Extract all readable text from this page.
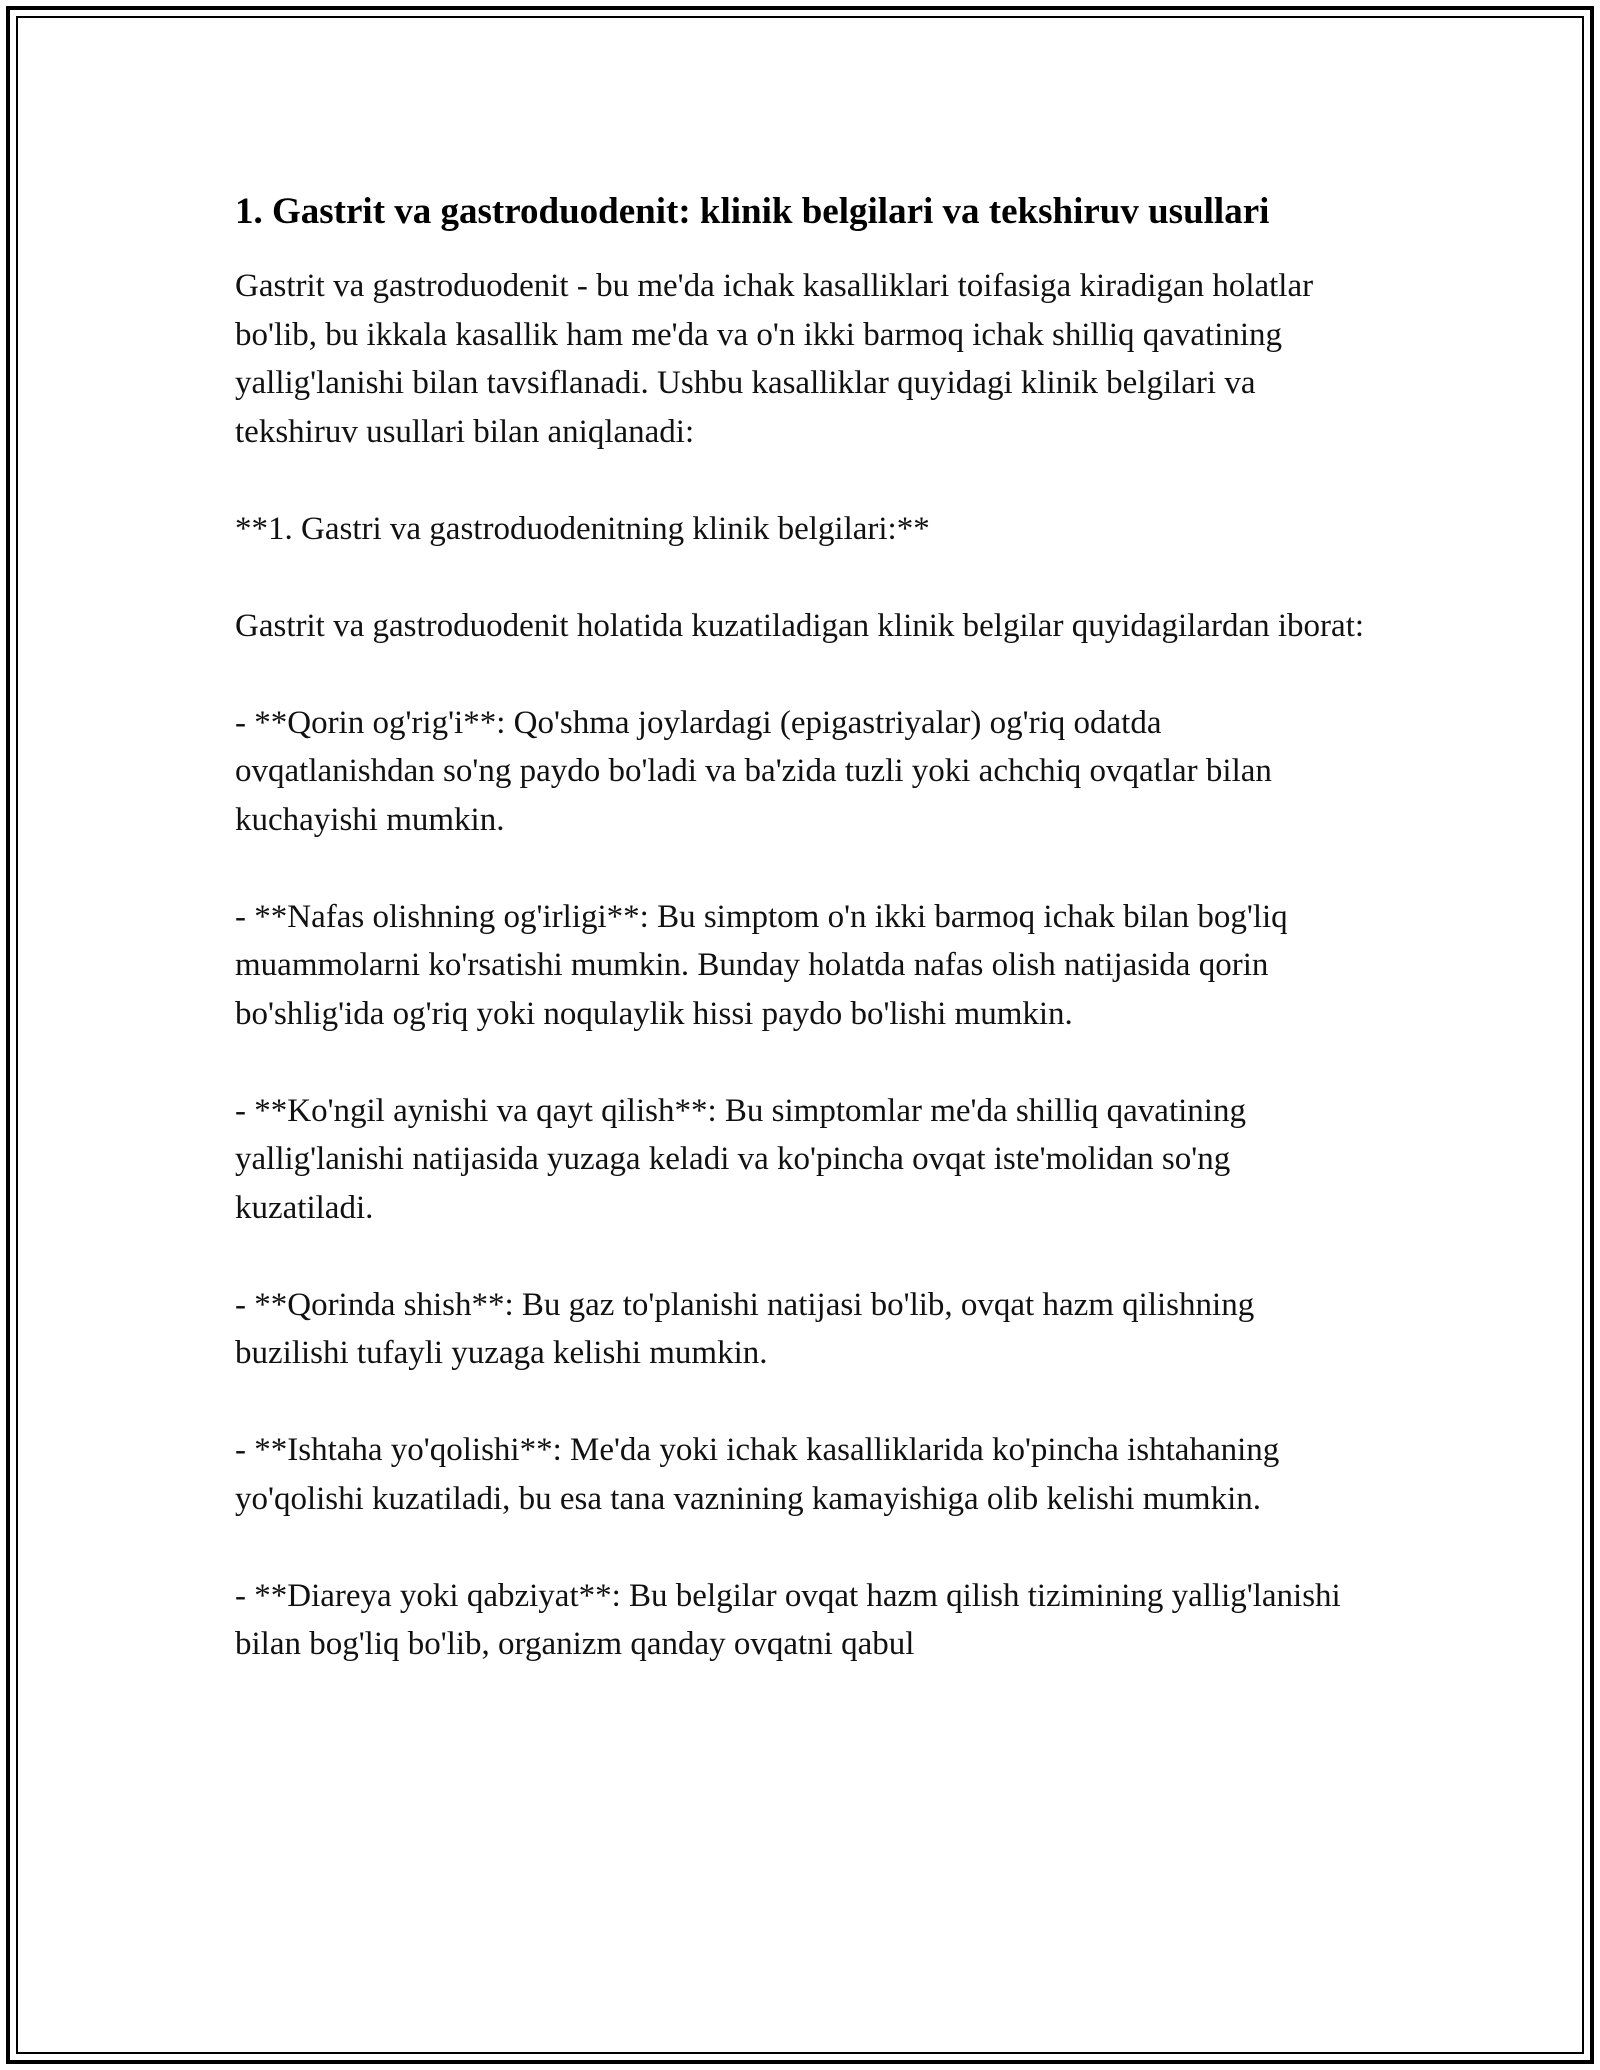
1. Gastrit va gastroduodenit: klinik belgilari va tekshiruv usullari

Gastrit va gastroduodenit - bu me'da ichak kasalliklari toifasiga kiradigan holatlar bo'lib, bu ikkala kasallik ham me'da va o'n ikki barmoq ichak shilliq qavatining yallig'lanishi bilan tavsiflanadi. Ushbu kasalliklar quyidagi klinik belgilari va tekshiruv usullari bilan aniqlanadi:

**1. Gastri va gastroduodenitning klinik belgilari:**

Gastrit va gastroduodenit holatida kuzatiladigan klinik belgilar quyidagilardan iborat:

- **Qorin og'rig'i**: Qo'shma joylardagi (epigastriyalar) og'riq odatda ovqatlanishdan so'ng paydo bo'ladi va ba'zida tuzli yoki achchiq ovqatlar bilan kuchayishi mumkin.

- **Nafas olishning og'irligi**: Bu simptom o'n ikki barmoq ichak bilan bog'liq muammolarni ko'rsatishi mumkin. Bunday holatda nafas olish natijasida qorin bo'shlig'ida og'riq yoki noqulaylik hissi paydo bo'lishi mumkin.

- **Ko'ngil aynishi va qayt qilish**: Bu simptomlar me'da shilliq qavatining yallig'lanishi natijasida yuzaga keladi va ko'pincha ovqat iste'molidan so'ng kuzatiladi.

- **Qorinda shish**: Bu gaz to'planishi natijasi bo'lib, ovqat hazm qilishning buzilishi tufayli yuzaga kelishi mumkin.

- **Ishtaha yo'qolishi**: Me'da yoki ichak kasalliklarida ko'pincha ishtahaning yo'qolishi kuzatiladi, bu esa tana vaznining kamayishiga olib kelishi mumkin.

- **Diareya yoki qabziyat**: Bu belgilar ovqat hazm qilish tizimining yallig'lanishi bilan bog'liq bo'lib, organizm qanday ovqatni qabul
